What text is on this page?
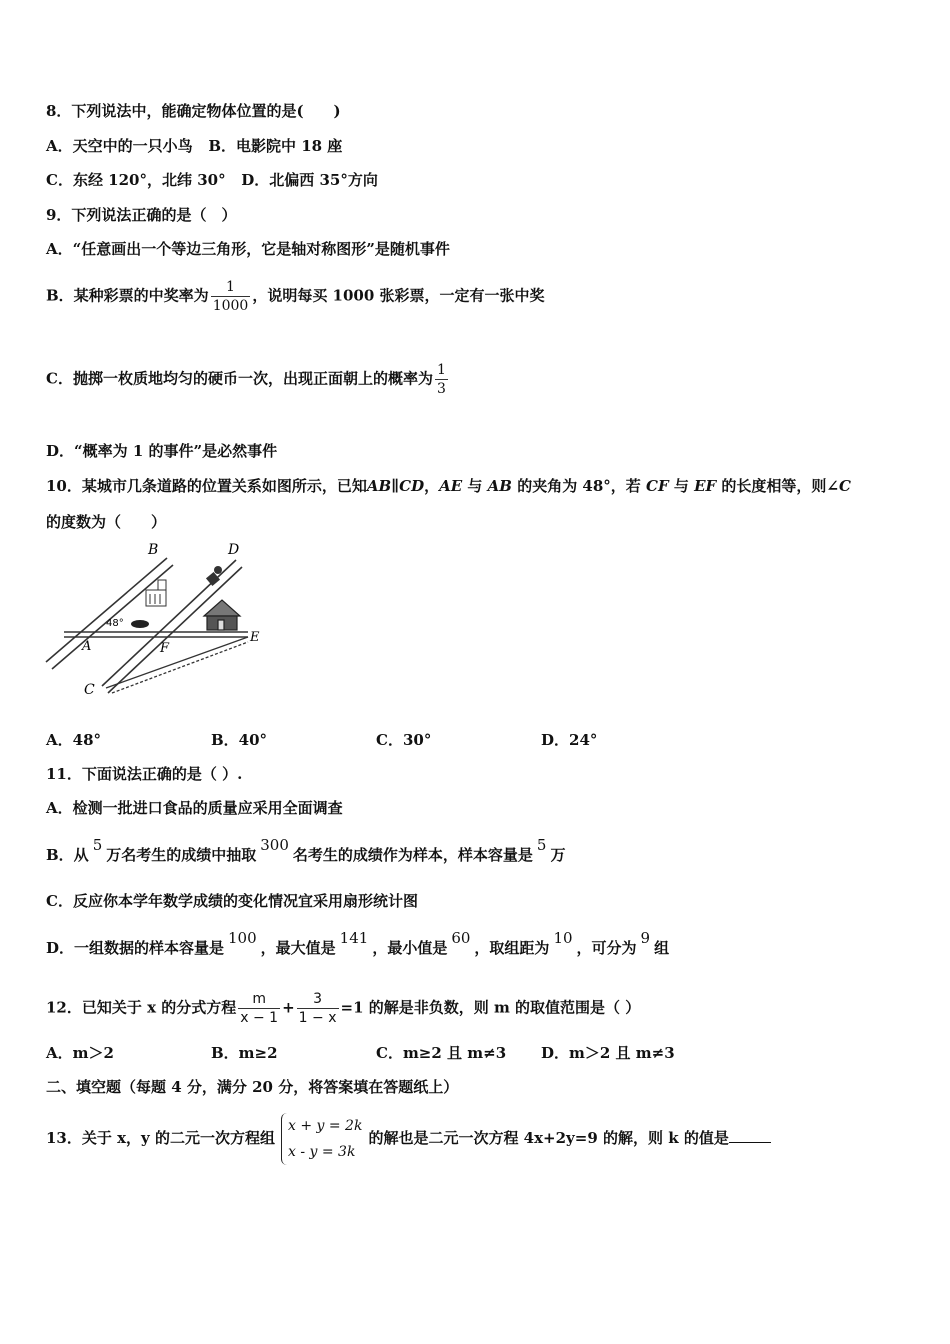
8．下列说法中，能确定物体位置的是(　　)
A．天空中的一只小鸟 B．电影院中 18 座
C．东经 120°，北纬 30° D．北偏西 35°方向
9．下列说法正确的是（　）
A．“任意画出一个等边三角形，它是轴对称图形”是随机事件
B．某种彩票的中奖率为 $\frac{1}{1000}$ ，说明每买 1000 张彩票，一定有一张中奖
C．抛掷一枚质地均匀的硬币一次，出现正面朝上的概率为 $\frac{1}{3}$
D．“概率为 1 的事件”是必然事件
10．某城市几条道路的位置关系如图所示，已知AB∥CD，AE 与 AB 的夹角为 48°，若 CF 与 EF 的长度相等，则∠C
的度数为（　　）
B	D
A	F
E
C
48°
A．48°	B．40°	C．30°	D．24°
11．下面说法正确的是（ ）.
A．检测一批进口食品的质量应采用全面调查
B．从5万名考生的成绩中抽取300名考生的成绩作为样本，样本容量是5万
C．反应你本学年数学成绩的变化情况宜采用扇形统计图
D．一组数据的样本容量是100，最大值是141，最小值是60，取组距为10，可分为9组
12．已知关于 x 的分式方程 $\frac{m}{x - 1} + \frac{3}{1 - x} =1$ 的解是非负数，则 m 的取值范围是（ ）
A．m＞2	B．m≥2	C．m≥2 且 m≠3 D．m＞2 且 m≠3
二、填空题（每题 4 分，满分 20 分，将答案填在答题纸上）
13．关于 x，y 的二元一次方程组
x + y = 2k
x - y = 3k
的解也是二元一次方程 4x+2y=9 的解，则 k 的值是
